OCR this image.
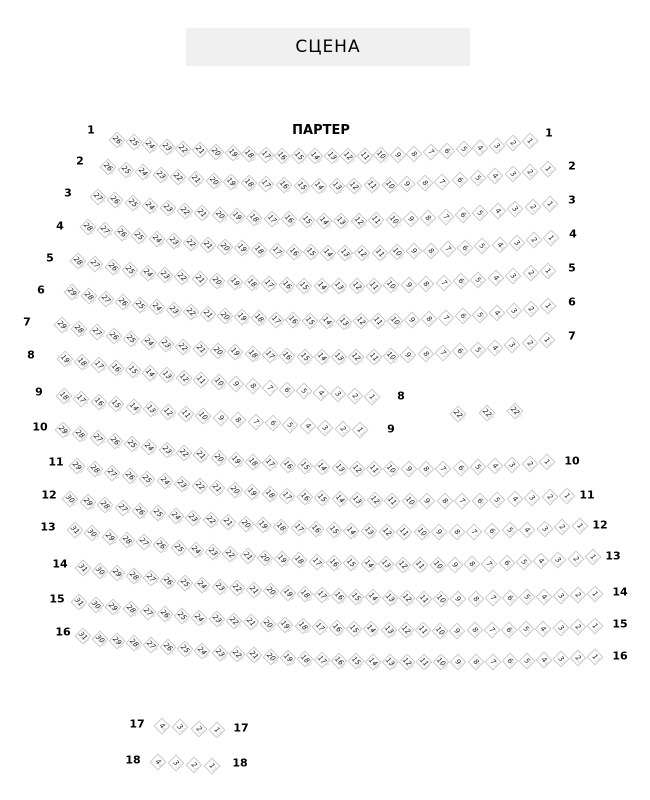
СЦЕНА
ПАРТЕР
1	1
26 25 24 23 22 21 20 19 18 17 16 15 14 13 12 11 10 9 8 7 6 5 4 3 2 1
2	2
26 25 24 23 22 21 20 19 18 17 16 15 14 13 12 11 10 9 8 7 6 5 4 3 2 1
3
3
27 26 25 24 23 22 21 20 19 18 17 16 15 14 13 12 11 10 9 8 7 6 5 4 3 2 1
4
4
28 27 26 25 24 23 22 21 20 19 18 17 16 15 14 13 12 11 10 9 8 7 6 5 4 3 2 1
5
5
28 27 26 25 24 23 22 21 20 19 18 17 16 15 14 13 12 11 10 9 8 7 6 5 4 3 2 1
6
6
29 28 27 26 25 24 23 22 21 20 19 18 17 16 15 14 13 12 11 10 9 8 7 6 5 4 3 2 1
7
7
29 28 27 26 25 24 23 22 21 20 19 18 17 16 15 14 13 12 11 10 9 8 7 6 5 4 3 2 1
8
8
19 18 17 16 15 14 13 12 11 10 9 8 7 6 5 4 3 2 1
9
9
18 17 16 15 14 13 12 11 10 9 8 7 6 5 4 3 2 1
10
10
29 28 27 26 25 24 23 22 21 20 19 18 17 16 15 14 13 12 11 10 9 8 7 6 5 4 3 2 1
11
11
29 28 27 26 25 24 23 22 21 20 19 18 17 16 15 14 13 12 11 10 9 8 7 6 5 4 3 2 1
12
12
30 29 28 27 26 25 24 23 22 21 20 19 18 17 16 15 14 13 12 11 10 9 8 7 6 5 4 3 2 1
13
13
31 30 29 28 27 26 25 24 23 22 21 20 19 18 17 16 15 14 13 12 11 10 9 8 7 6 5 4 3 2 1
14
14
31 30 29 28 27 26 25 24 23 22 21 20 19 18 17 16 15 14 13 12 11 10 9 8 7 6 5 4 3 2 1
15
15
31 30 29 28 27 26 25 24 23 22 21 20 19 18 17 16 15 14 13 12 11 10 9 8 7 6 5 4 3 2 1
16
16
31 30 29 28 27 26 25 24 23 22 21 20 19 18 17 16 15 14 13 12 11 10 9 8 7 6 5 4 3 2 1
17	17
4 3 2 1
18	18
4 3 2 1
22 22 22
